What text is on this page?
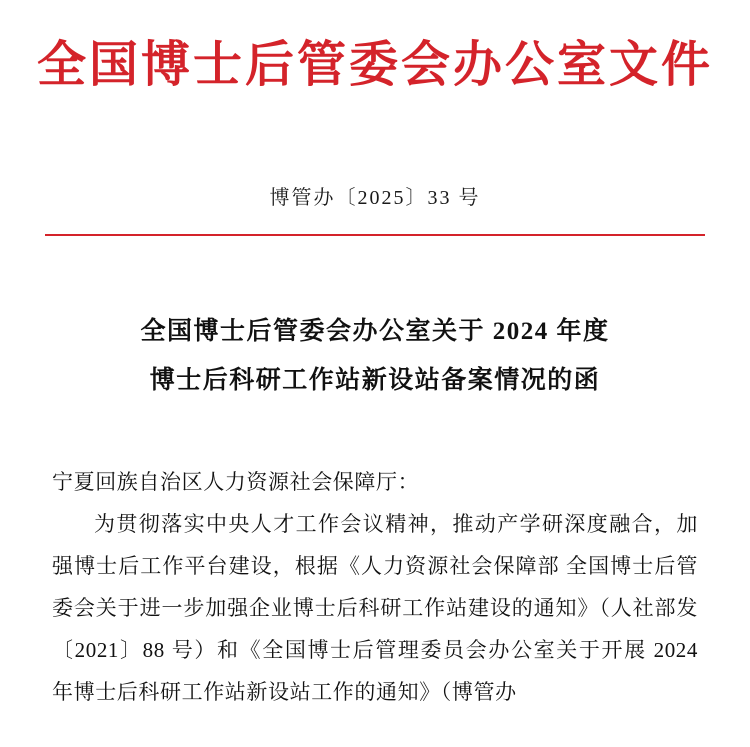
全国博士后管委会办公室文件
博管办〔2025〕33 号
全国博士后管委会办公室关于 2024 年度
博士后科研工作站新设站备案情况的函
宁夏回族自治区人力资源社会保障厅：
为贯彻落实中央人才工作会议精神，推动产学研深度融合，加强博士后工作平台建设，根据《人力资源社会保障部 全国博士后管委会关于进一步加强企业博士后科研工作站建设的通知》（人社部发〔2021〕88 号）和《全国博士后管理委员会办公室关于开展 2024 年博士后科研工作站新设站工作的通知》（博管办
